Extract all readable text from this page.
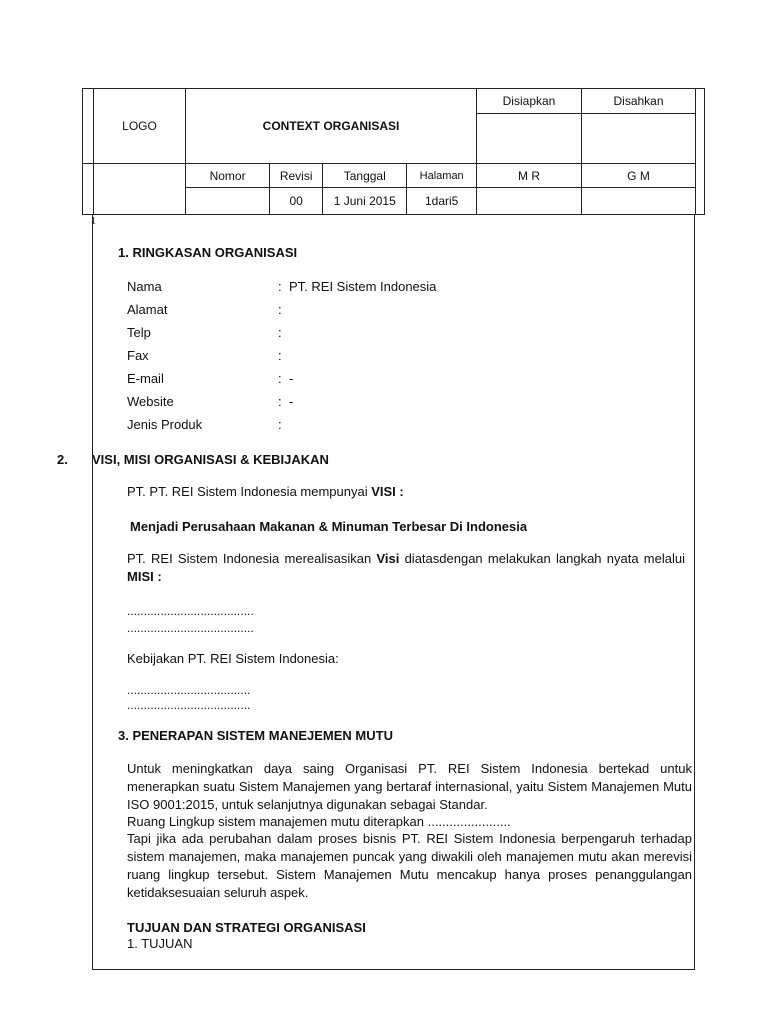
	LOGO	CONTEXT ORGANISASI				Disiapkan	Disahkan	

		Nomor	Revisi	Tanggal	Halaman	M R	G M	
			00	1 Juni 2015	1dari5			
1
1. RINGKASAN ORGANISASI
Nama	: PT. REI Sistem Indonesia
Alamat	:
Telp	:
Fax	:
E-mail	: -
Website	: -
Jenis Produk	:
2. VISI, MISI ORGANISASI & KEBIJAKAN
PT. PT. REI Sistem Indonesia mempunyai VISI :
Menjadi Perusahaan Makanan & Minuman Terbesar Di Indonesia
PT. REI Sistem Indonesia merealisasikan Visi diatasdengan melakukan langkah nyata melalui MISI :
......................................
......................................
Kebijakan PT. REI Sistem Indonesia:
.....................................
.....................................
3. PENERAPAN SISTEM MANEJEMEN MUTU
Untuk meningkatkan daya saing Organisasi PT. REI Sistem Indonesia bertekad untuk menerapkan suatu Sistem Manajemen yang bertaraf internasional, yaitu Sistem Manajemen Mutu ISO 9001:2015, untuk selanjutnya digunakan sebagai Standar.
Ruang Lingkup sistem manajemen mutu diterapkan .......................
Tapi jika ada perubahan dalam proses bisnis PT. REI Sistem Indonesia berpengaruh terhadap sistem manajemen, maka manajemen puncak yang diwakili oleh manajemen mutu akan merevisi ruang lingkup tersebut. Sistem Manajemen Mutu mencakup hanya proses penanggulangan ketidaksesuaian seluruh aspek.
TUJUAN DAN STRATEGI ORGANISASI
1. TUJUAN
